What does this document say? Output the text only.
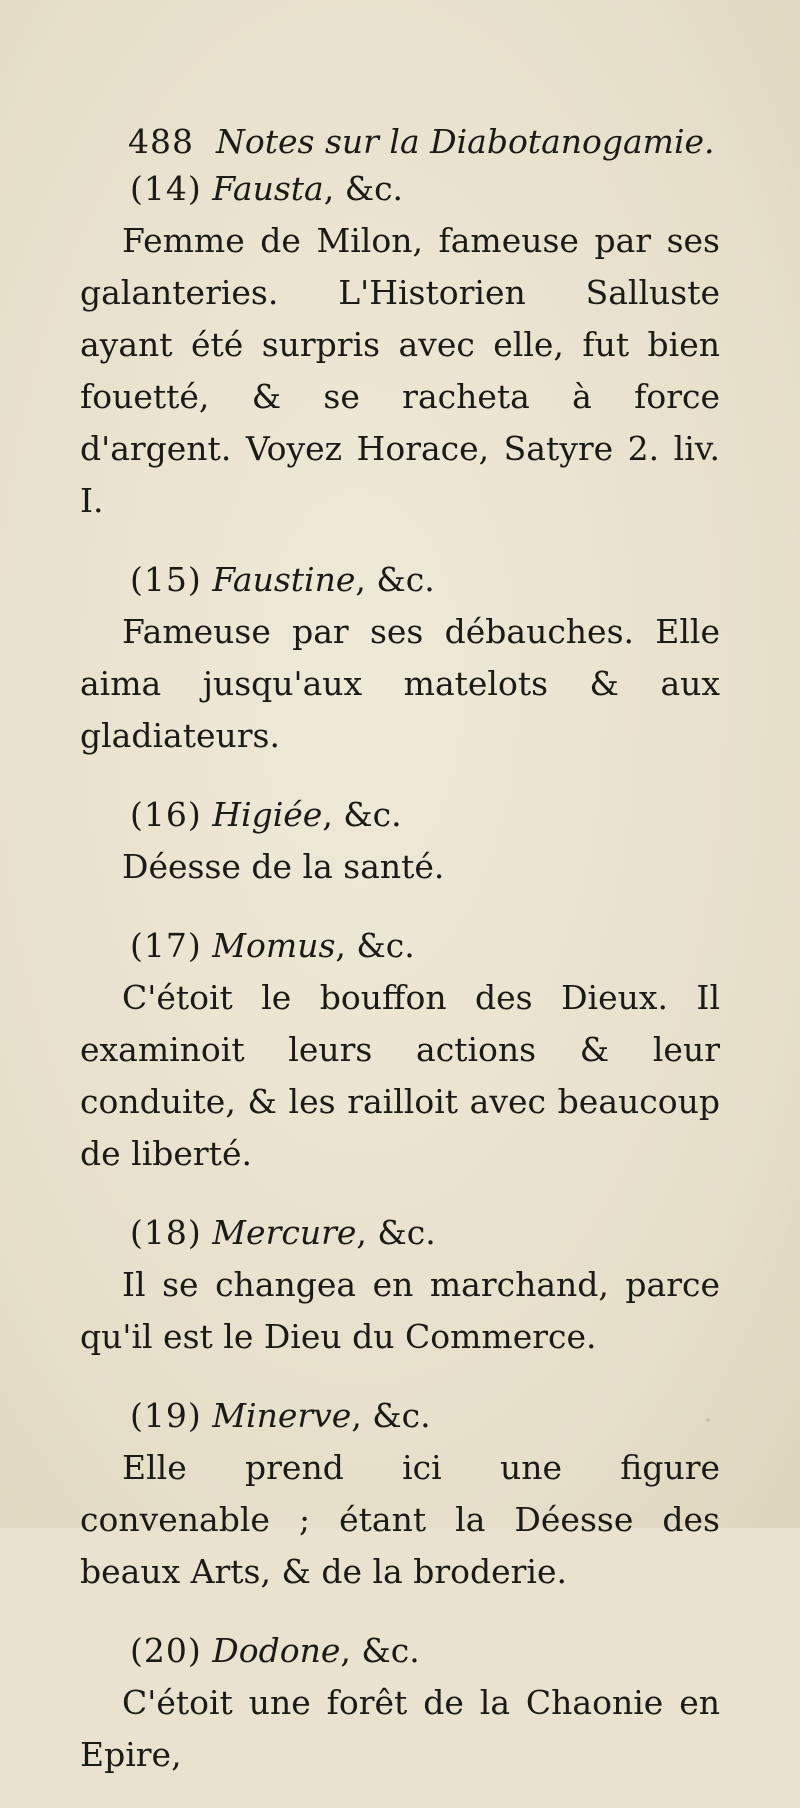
488 Notes sur la Diabotanogamie.
(14) Fausta, &c.
Femme de Milon, fameuse par ses galanteries. L'Historien Salluste ayant été surpris avec elle, fut bien fouetté, & se racheta à force d'argent. Voyez Horace, Satyre 2. liv. I.
(15) Faustine, &c.
Fameuse par ses débauches. Elle aima jusqu'aux matelots & aux gladiateurs.
(16) Higiée, &c.
Déesse de la santé.
(17) Momus, &c.
C'étoit le bouffon des Dieux. Il examinoit leurs actions & leur conduite, & les railloit avec beaucoup de liberté.
(18) Mercure, &c.
Il se changea en marchand, parce qu'il est le Dieu du Commerce.
(19) Minerve, &c.
Elle prend ici une figure convenable ; étant la Déesse des beaux Arts, & de la broderie.
(20) Dodone, &c.
C'étoit une forêt de la Chaonie en Epire,
